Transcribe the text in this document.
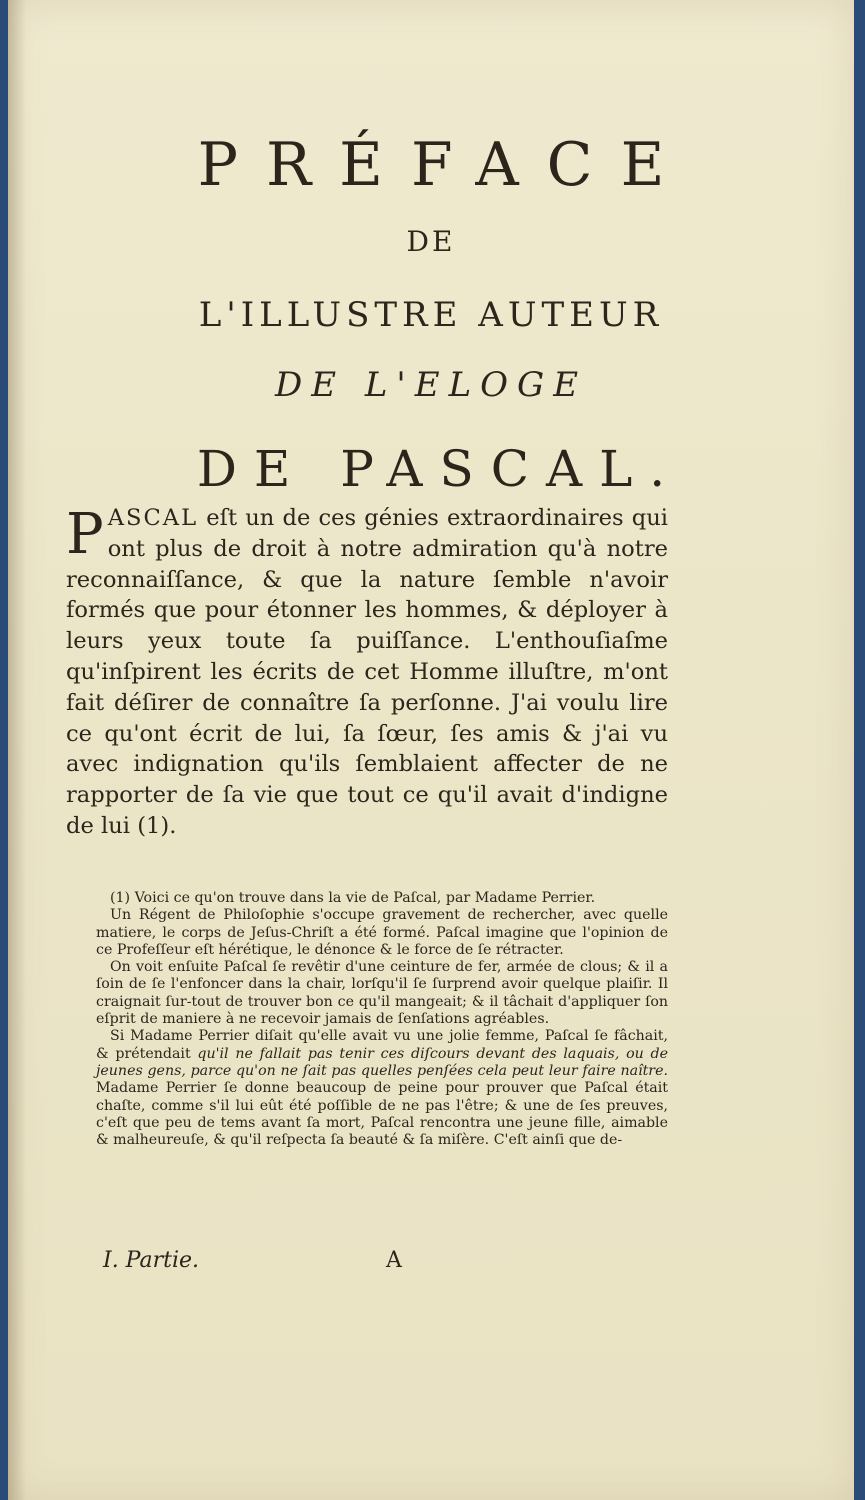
PRÉFACE
DE
L'ILLUSTRE AUTEUR
DE L'ELOGE
DE PASCAL.
PASCAL eſt un de ces génies extraordinaires qui ont plus de droit à notre admiration qu'à notre reconnaiſſance, & que la nature ſemble n'avoir formés que pour étonner les hommes, & déployer à leurs yeux toute ſa puiſſance. L'enthouſiaſme qu'inſpirent les écrits de cet Homme illuſtre, m'ont fait déſirer de connaître ſa perſonne. J'ai voulu lire ce qu'ont écrit de lui, ſa ſœur, ſes amis & j'ai vu avec indignation qu'ils ſemblaient affecter de ne rapporter de ſa vie que tout ce qu'il avait d'indigne de lui (1).

(1) Voici ce qu'on trouve dans la vie de Paſcal, par Madame Perrier.

Un Régent de Philoſophie s'occupe gravement de rechercher, avec quelle matiere, le corps de Jeſus-Chriſt a été formé. Paſcal imagine que l'opinion de ce Profeſſeur eſt hérétique, le dénonce & le force de ſe rétracter.

On voit enſuite Paſcal ſe revêtir d'une ceinture de fer, armée de clous; & il a ſoin de ſe l'enfoncer dans la chair, lorſqu'il ſe ſurprend avoir quelque plaiſir. Il craignait ſur-tout de trouver bon ce qu'il mangeait; & il tâchait d'appliquer ſon eſprit de maniere à ne recevoir jamais de ſenſations agréables.

Si Madame Perrier diſait qu'elle avait vu une jolie femme, Paſcal ſe fâchait, & prétendait qu'il ne fallait pas tenir ces diſcours devant des laquais, ou de jeunes gens, parce qu'on ne ſait pas quelles penſées cela peut leur faire naître. Madame Perrier ſe donne beaucoup de peine pour prouver que Paſcal était chaſte, comme s'il lui eût été poſſible de ne pas l'être; & une de ſes preuves, c'eſt que peu de tems avant ſa mort, Paſcal rencontra une jeune fille, aimable & malheureuſe, & qu'il reſpecta ſa beauté & ſa miſère. C'eſt ainſi que de-

I. Partie.	A
